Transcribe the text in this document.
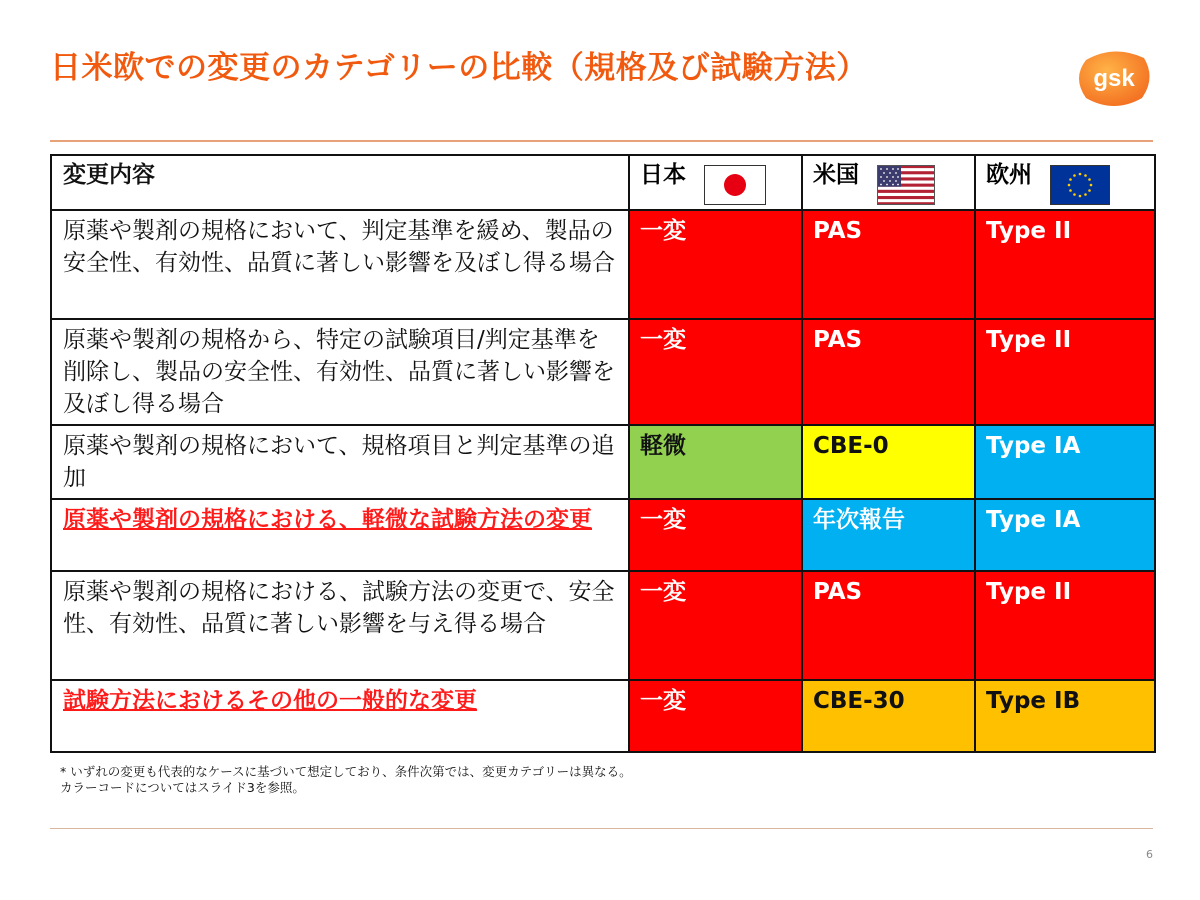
日米欧での変更のカテゴリーの比較（規格及び試験方法）	gsk
変更内容	日本	米国	欧州

原薬や製剤の規格において、判定基準を緩め、製品の安全性、有効性、品質に著しい影響を及ぼし得る場合	一変	PAS	Type II
原薬や製剤の規格から、特定の試験項目/判定基準を削除し、製品の安全性、有効性、品質に著しい影響を及ぼし得る場合	一変	PAS	Type II
原薬や製剤の規格において、規格項目と判定基準の追加	軽微	CBE-0	Type IA
原薬や製剤の規格における、軽微な試験方法の変更	一変	年次報告	Type IA
原薬や製剤の規格における、試験方法の変更で、安全性、有効性、品質に著しい影響を与え得る場合	一変	PAS	Type II
試験方法におけるその他の一般的な変更	一変	CBE-30	Type IB
* いずれの変更も代表的なケースに基づいて想定しており、条件次第では、変更カテゴリーは異なる。
カラーコードについてはスライド3を参照。
6
